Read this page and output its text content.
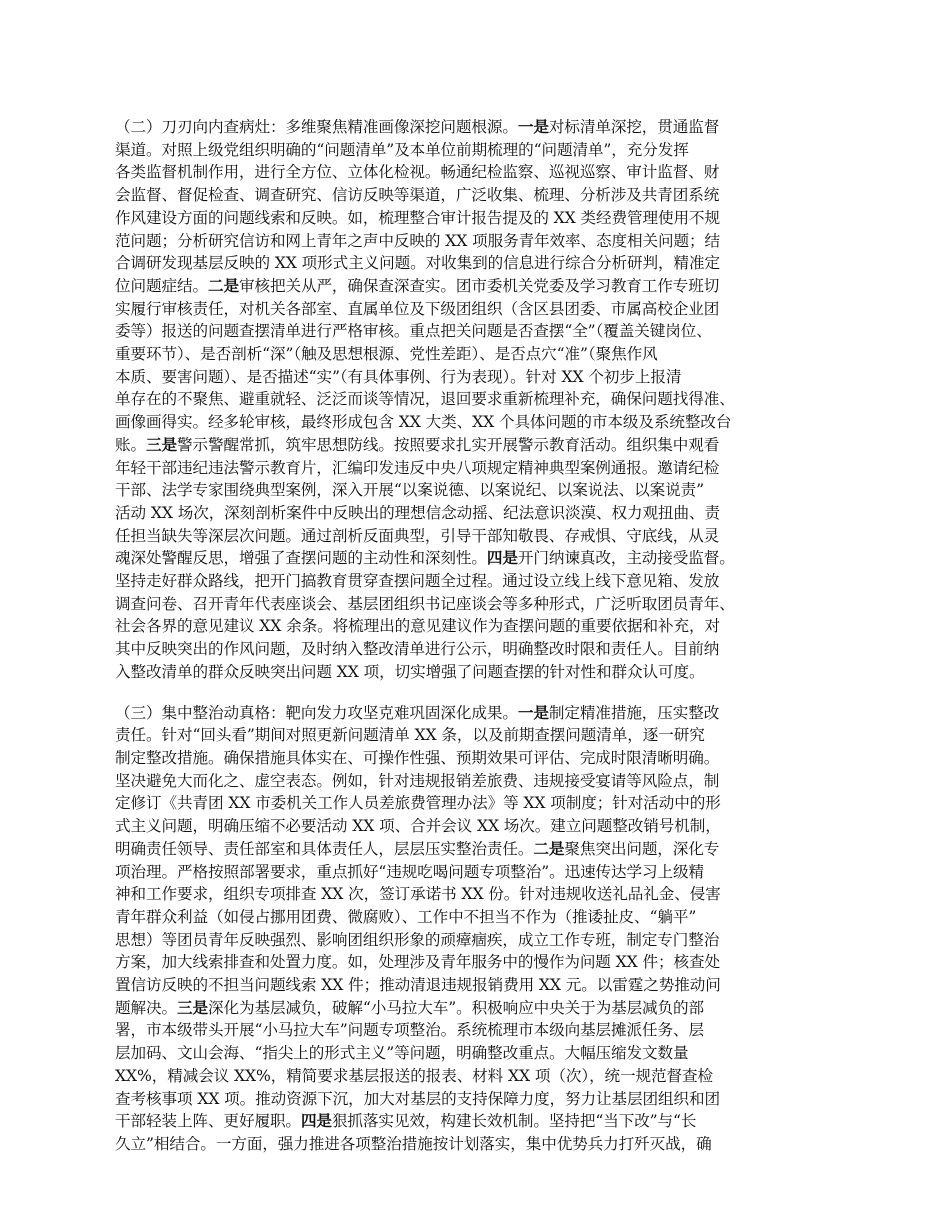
（二）刀刃向内查病灶：多维聚焦精准画像深挖问题根源。一是对标清单深挖，贯通监督
渠道。对照上级党组织明确的“问题清单”及本单位前期梳理的“问题清单”，充分发挥
各类监督机制作用，进行全方位、立体化检视。畅通纪检监察、巡视巡察、审计监督、财
会监督、督促检查、调查研究、信访反映等渠道，广泛收集、梳理、分析涉及共青团系统
作风建设方面的问题线索和反映。如，梳理整合审计报告提及的 XX 类经费管理使用不规
范问题；分析研究信访和网上青年之声中反映的 XX 项服务青年效率、态度相关问题；结
合调研发现基层反映的 XX 项形式主义问题。对收集到的信息进行综合分析研判，精准定
位问题症结。二是审核把关从严，确保查深查实。团市委机关党委及学习教育工作专班切
实履行审核责任，对机关各部室、直属单位及下级团组织（含区县团委、市属高校企业团
委等）报送的问题查摆清单进行严格审核。重点把关问题是否查摆“全”（覆盖关键岗位、
重要环节）、是否剖析“深”（触及思想根源、党性差距）、是否点穴“准”（聚焦作风
本质、要害问题）、是否描述“实”（有具体事例、行为表现）。针对 XX 个初步上报清
单存在的不聚焦、避重就轻、泛泛而谈等情况，退回要求重新梳理补充，确保问题找得准、
画像画得实。经多轮审核，最终形成包含 XX 大类、XX 个具体问题的市本级及系统整改台
账。三是警示警醒常抓，筑牢思想防线。按照要求扎实开展警示教育活动。组织集中观看
年轻干部违纪违法警示教育片，汇编印发违反中央八项规定精神典型案例通报。邀请纪检
干部、法学专家围绕典型案例，深入开展“以案说德、以案说纪、以案说法、以案说责”
活动 XX 场次，深刻剖析案件中反映出的理想信念动摇、纪法意识淡漠、权力观扭曲、责
任担当缺失等深层次问题。通过剖析反面典型，引导干部知敬畏、存戒惧、守底线，从灵
魂深处警醒反思，增强了查摆问题的主动性和深刻性。四是开门纳谏真改，主动接受监督。
坚持走好群众路线，把开门搞教育贯穿查摆问题全过程。通过设立线上线下意见箱、发放
调查问卷、召开青年代表座谈会、基层团组织书记座谈会等多种形式，广泛听取团员青年、
社会各界的意见建议 XX 余条。将梳理出的意见建议作为查摆问题的重要依据和补充，对
其中反映突出的作风问题，及时纳入整改清单进行公示，明确整改时限和责任人。目前纳
入整改清单的群众反映突出问题 XX 项，切实增强了问题查摆的针对性和群众认可度。
（三）集中整治动真格：靶向发力攻坚克难巩固深化成果。一是制定精准措施，压实整改
责任。针对“回头看”期间对照更新问题清单 XX 条，以及前期查摆问题清单，逐一研究
制定整改措施。确保措施具体实在、可操作性强、预期效果可评估、完成时限清晰明确。
坚决避免大而化之、虚空表态。例如，针对违规报销差旅费、违规接受宴请等风险点，制
定修订《共青团 XX 市委机关工作人员差旅费管理办法》等 XX 项制度；针对活动中的形
式主义问题，明确压缩不必要活动 XX 项、合并会议 XX 场次。建立问题整改销号机制，
明确责任领导、责任部室和具体责任人，层层压实整治责任。二是聚焦突出问题，深化专
项治理。严格按照部署要求，重点抓好“违规吃喝问题专项整治”。迅速传达学习上级精
神和工作要求，组织专项排查 XX 次，签订承诺书 XX 份。针对违规收送礼品礼金、侵害
青年群众利益（如侵占挪用团费、微腐败）、工作中不担当不作为（推诿扯皮、“躺平”
思想）等团员青年反映强烈、影响团组织形象的顽瘴痼疾，成立工作专班，制定专门整治
方案，加大线索排查和处置力度。如，处理涉及青年服务中的慢作为问题 XX 件；核查处
置信访反映的不担当问题线索 XX 件；推动清退违规报销费用 XX 元。以雷霆之势推动问
题解决。三是深化为基层减负，破解“小马拉大车”。积极响应中央关于为基层减负的部
署，市本级带头开展“小马拉大车”问题专项整治。系统梳理市本级向基层摊派任务、层
层加码、文山会海、“指尖上的形式主义”等问题，明确整改重点。大幅压缩发文数量
XX%，精减会议 XX%，精简要求基层报送的报表、材料 XX 项（次），统一规范督查检
查考核事项 XX 项。推动资源下沉，加大对基层的支持保障力度，努力让基层团组织和团
干部轻装上阵、更好履职。四是狠抓落实见效，构建长效机制。坚持把“当下改”与“长
久立”相结合。一方面，强力推进各项整治措施按计划落实，集中优势兵力打歼灭战，确
